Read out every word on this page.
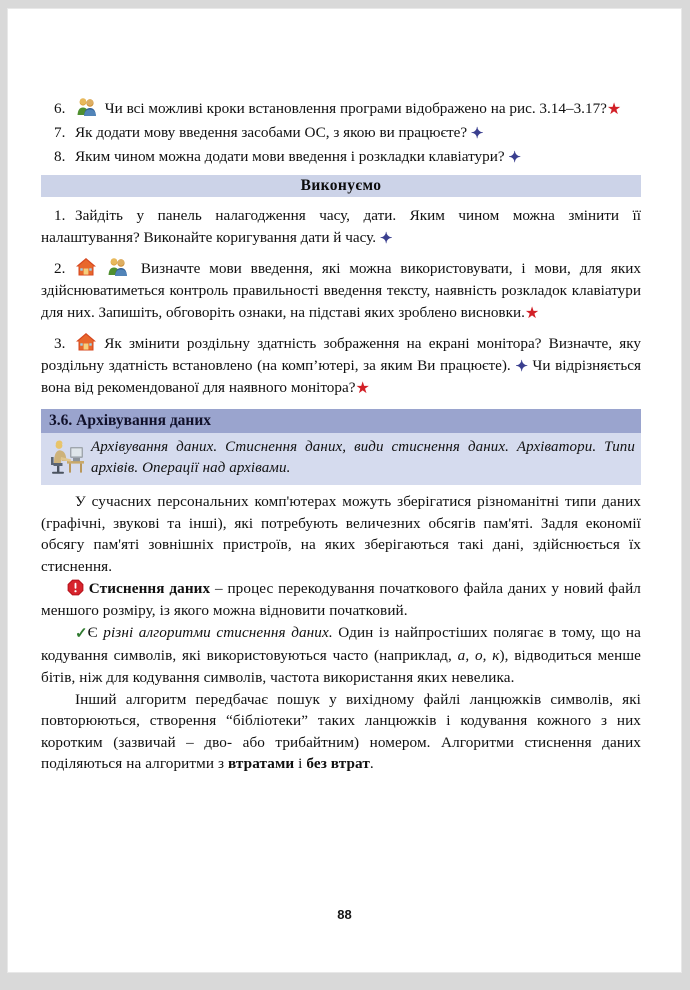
6.	Чи всі можливі кроки встановлення програми відображено на рис. 3.14–3.17?★
7. Як додати мову введення засобами ОС, з якою ви працюєте? ✦
8. Яким чином можна додати мови введення і розкладки клавіатури? ✦
Виконуємо
1. Зайдіть у панель налагодження часу, дати. Яким чином можна змінити її налаштування? Виконайте коригування дати й часу. ✦
2.
	Визначте мови введення, які можна використовувати, і мови, для яких здійснюватиметься контроль правильності введення тексту, наявність розкладок клавіатури для них. Запишіть, обговоріть ознаки, на підставі яких зроблено висновки.★
3.	Як змінити роздільну здатність зображення на екрані монітора? Визначте, яку роздільну здатність встановлено (на комп’ютері, за яким Ви працюєте). ✦ Чи відрізняється вона від рекомендованої для наявного монітора?★
3.6. Архівування даних
Архівування даних. Стиснення даних, види стиснення даних. Архіватори. Типи архівів. Операції над архівами.

У сучасних персональних комп'ютерах можуть зберігатися різноманітні типи даних (графічні, звукові та інші), які потребують величезних обсягів пам'яті. Задля економії обсягу пам'яті зовнішніх пристроїв, на яких зберігаються такі дані, здійснюється їх стиснення.

Стиснення даних – процес перекодування початкового файла даних у новий файл меншого розміру, із якого можна відновити початковий.

✓Є різні алгоритми стиснення даних. Один із найпростіших полягає в тому, що на кодування символів, які використовуються часто (наприклад, а, о, к), відводиться менше бітів, ніж для кодування символів, частота використання яких невелика.

Інший алгоритм передбачає пошук у вихідному файлі ланцюжків символів, які повторюються, створення “бібліотеки” таких ланцюжків і кодування кожного з них коротким (зазвичай – дво- або трибайтним) номером. Алгоритми стиснення даних поділяються на алгоритми з втратами і без втрат.

88
